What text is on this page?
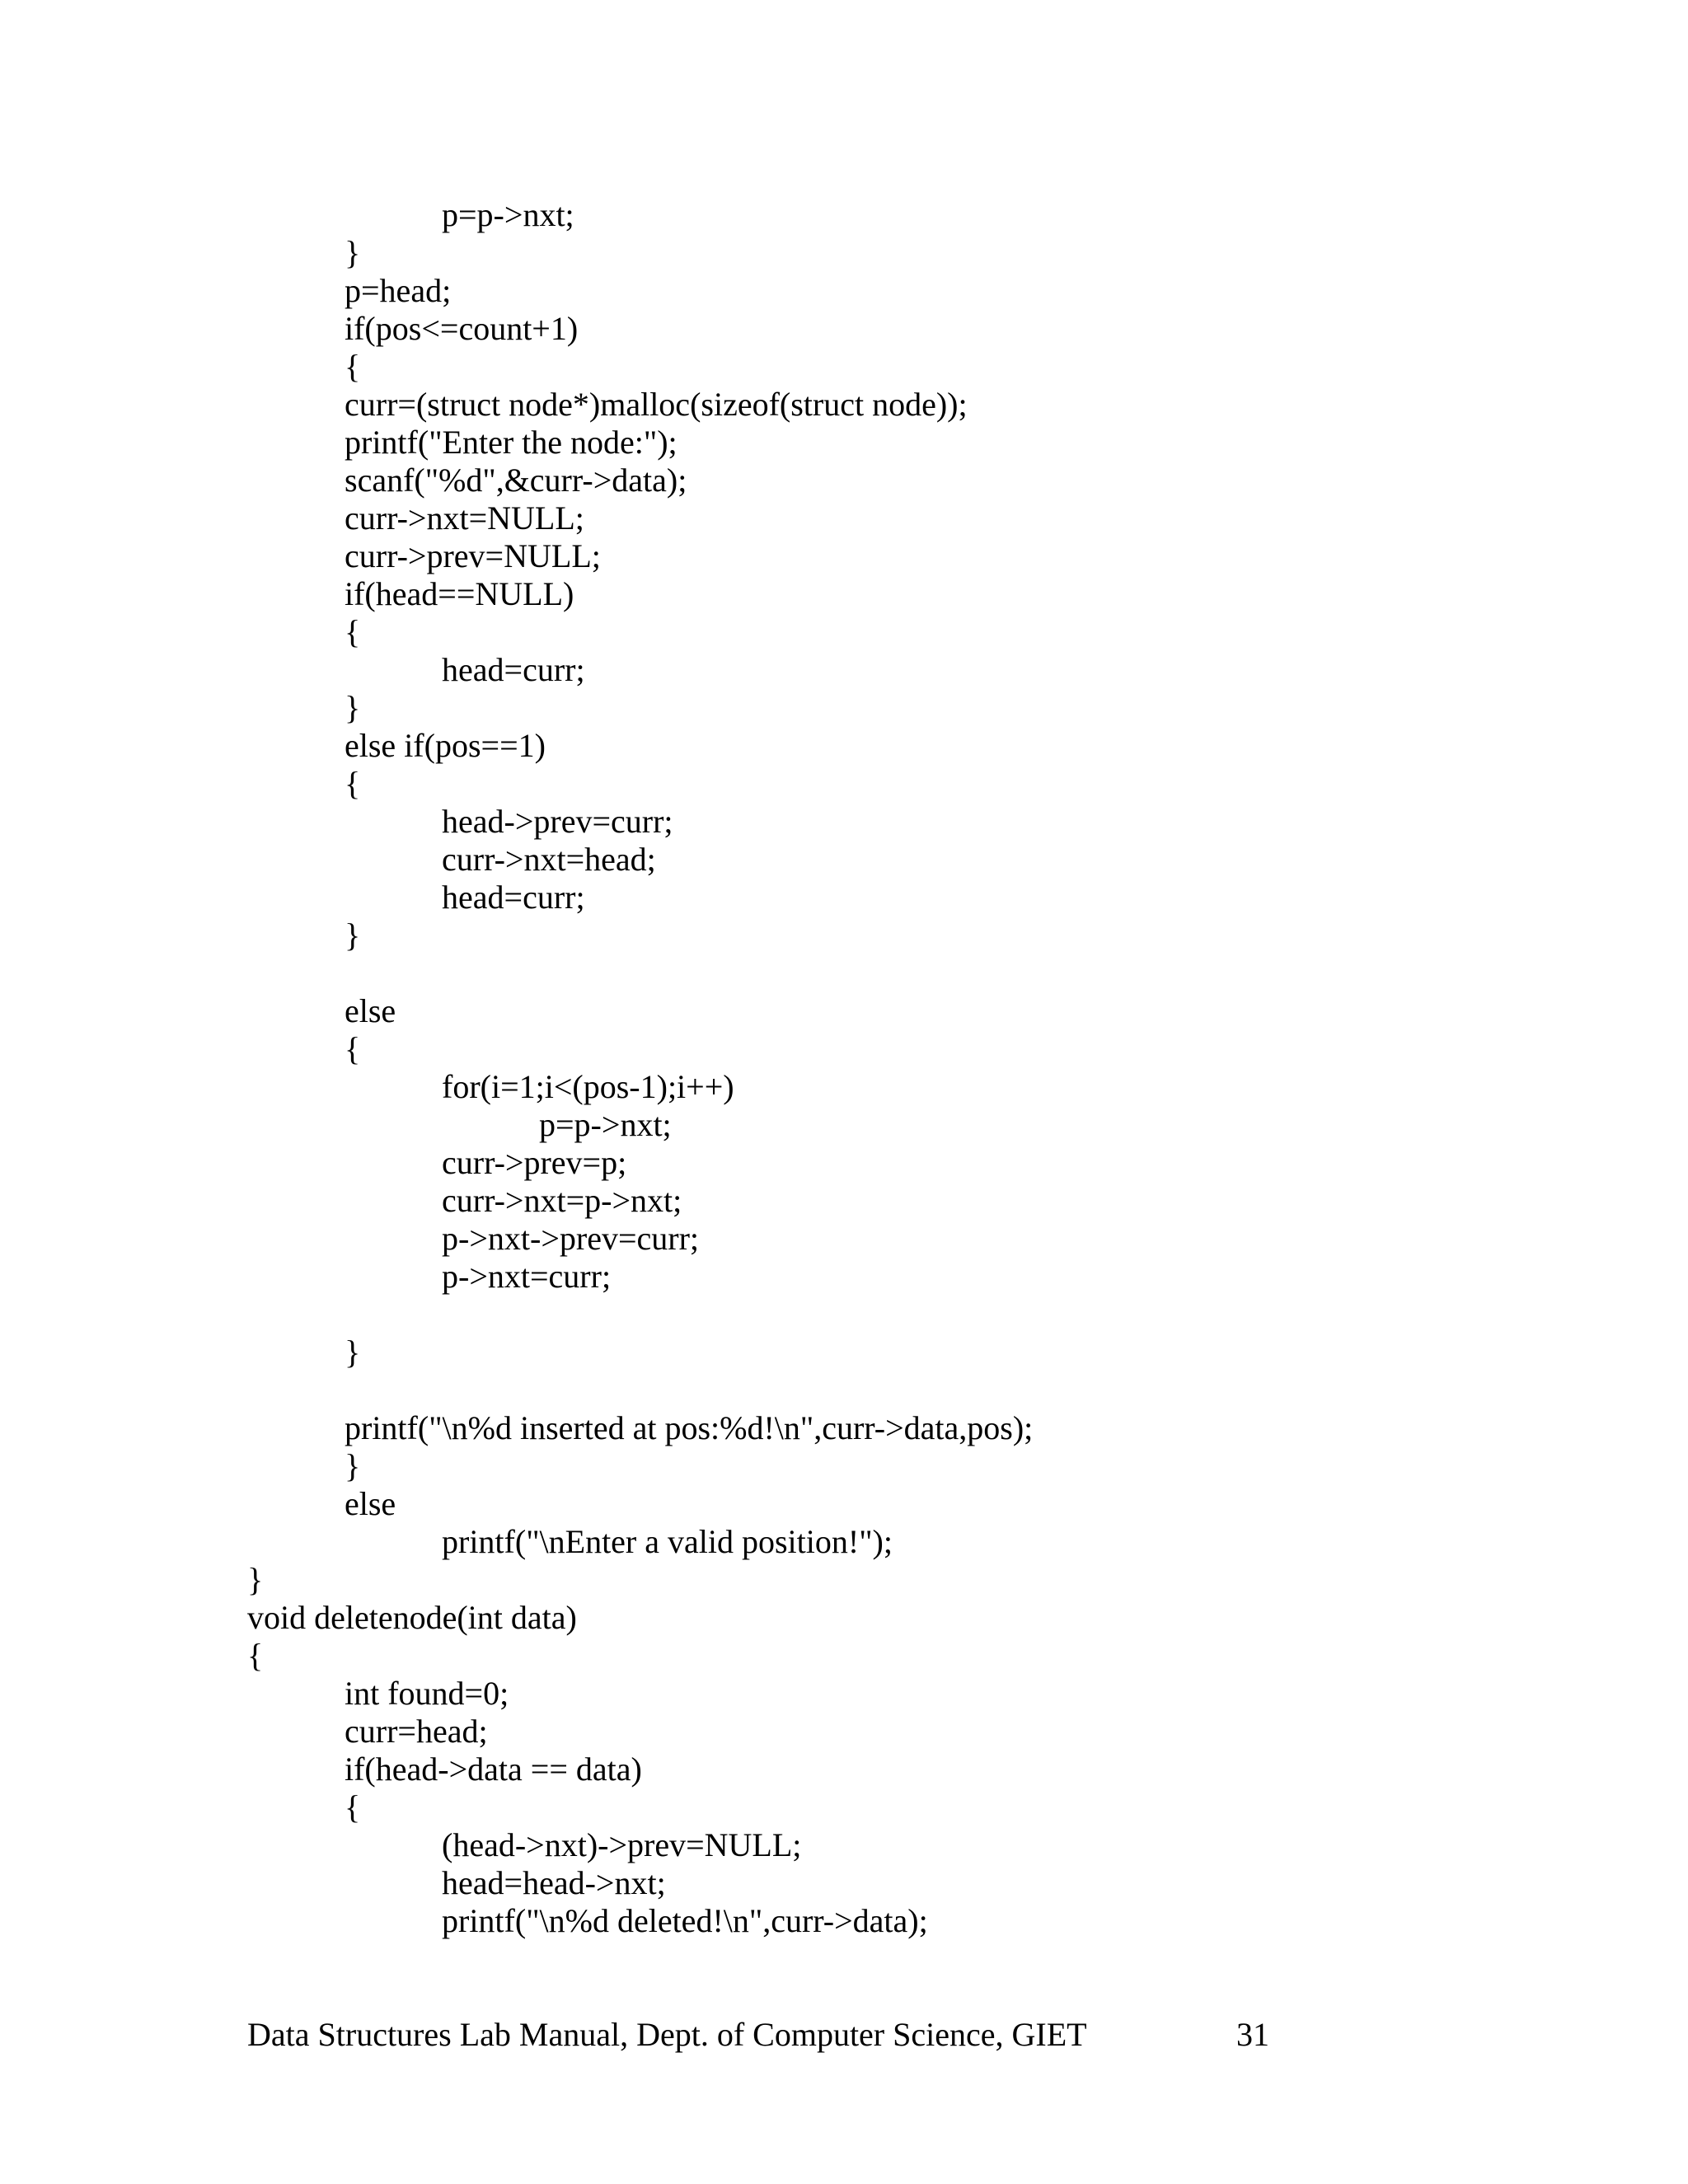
p=p->nxt;
}
p=head;
if(pos<=count+1)
{
curr=(struct node*)malloc(sizeof(struct node));
printf("Enter the node:");
scanf("%d",&curr->data);
curr->nxt=NULL;
curr->prev=NULL;
if(head==NULL)
{
head=curr;
}
else if(pos==1)
{
head->prev=curr;
curr->nxt=head;
head=curr;
}
else
{
for(i=1;i<(pos-1);i++)
p=p->nxt;
curr->prev=p;
curr->nxt=p->nxt;
p->nxt->prev=curr;
p->nxt=curr;
}
printf("\n%d inserted at pos:%d!\n",curr->data,pos);
}
else
printf("\nEnter a valid position!");
}
void deletenode(int data)
{
int found=0;
curr=head;
if(head->data == data)
{
(head->nxt)->prev=NULL;
head=head->nxt;
printf("\n%d deleted!\n",curr->data);
Data Structures Lab Manual, Dept. of Computer Science, GIET	31
